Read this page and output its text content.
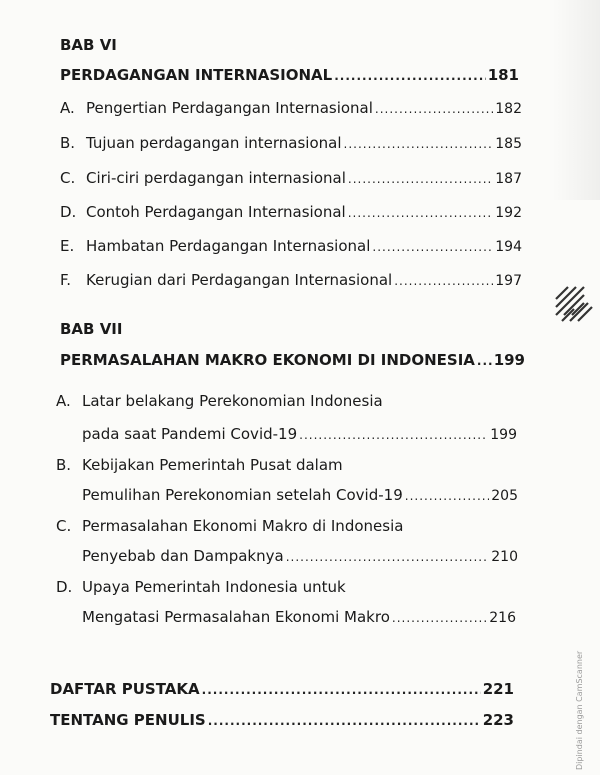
BAB VI
PERDAGANGAN INTERNASIONAL .....	181
A. Pengertian Perdagangan Internasional .....	182
B. Tujuan perdagangan internasional .....	185
C. Ciri-ciri perdagangan internasional .....	187
D. Contoh Perdagangan Internasional .....	192
E. Hambatan Perdagangan Internasional .....	194
F.	Kerugian dari Perdagangan Internasional .....	197
BAB VII
PERMASALAHAN MAKRO EKONOMI DI INDONESIA ..... 199
A. Latar belakang Perekonomian Indonesia
pada saat Pandemi Covid-19 .....	199
B. Kebijakan Pemerintah Pusat dalam
Pemulihan Perekonomian setelah Covid-19 .....	205
C. Permasalahan Ekonomi Makro di Indonesia
Penyebab dan Dampaknya .....	210
D. Upaya Pemerintah Indonesia untuk
Mengatasi Permasalahan Ekonomi Makro .....	216
DAFTAR PUSTAKA .....	221
TENTANG PENULIS .....	223	Dipindai dengan CamScanner
